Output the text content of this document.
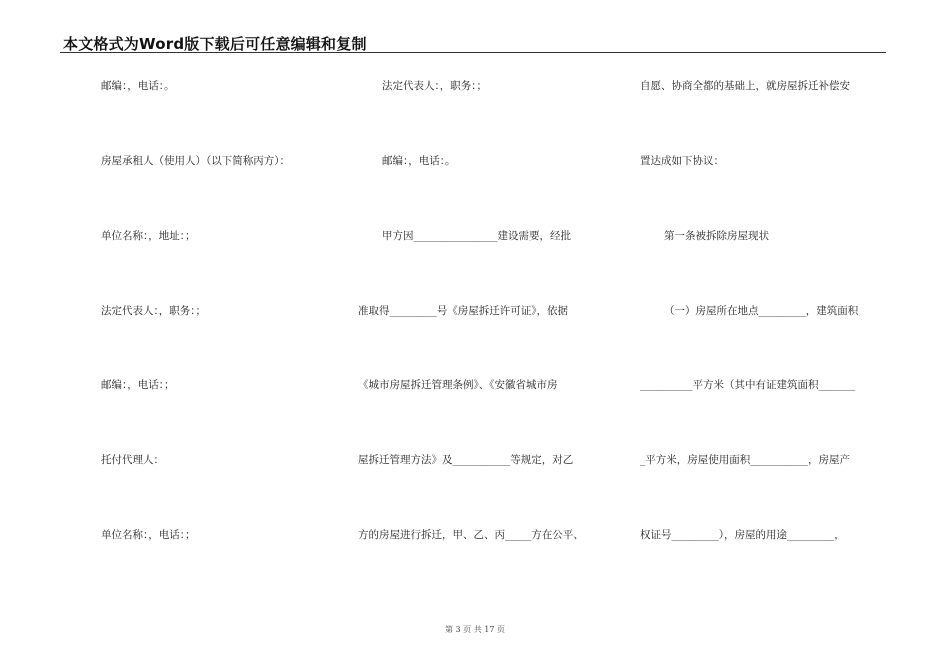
本文格式为Word版下载后可任意编辑和复制
邮编：，电话：。
房屋承租人（使用人）（以下简称丙方）：
单位名称：，地址：；
法定代表人：，职务：；
邮编：，电话：；
托付代理人：
单位名称：，电话：；
法定代表人：，职务：；
邮编：，电话：。
甲方因________________建设需要，经批
准取得_________号《房屋拆迁许可证》，依据
《城市房屋拆迁管理条例》、《安徽省城市房
屋拆迁管理方法》及___________等规定，对乙
方的房屋进行拆迁，甲、乙、丙_____方在公平、
自愿、协商全都的基础上，就房屋拆迁补偿安
置达成如下协议：
第一条被拆除房屋现状
（一）房屋所在地点_________，建筑面积
__________平方米（其中有证建筑面积_______
_平方米，房屋使用面积___________，房屋产
权证号_________），房屋的用途_________，
第 3 页 共 17 页
